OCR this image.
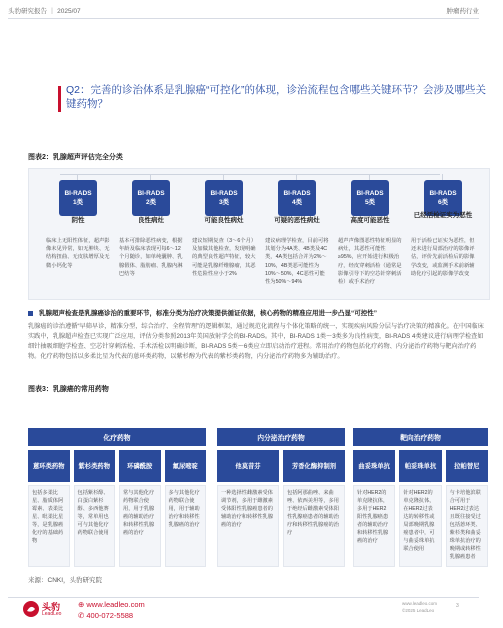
头豹研究报告 ｜ 2025/07	肿瘤药行业
Q2：完善的诊治体系是乳腺癌“可控化”的体现，诊治流程包含哪些关键环节？会涉及哪些关键药物？
图表2：乳腺超声评估完全分类
BI-RADS
1类
阴性
临床上无阳性体征，超声影像未见异常，如无肿块、无结构扭曲、无皮肤增厚及无微小钙化等
BI-RADS
2类
良性病灶
基本可排除恶性病变，根据年龄及临床表现可每6～12个月随诊，如单纯囊肿、乳腺假体、脂肪瘤、乳腺内淋巴结等
BI-RADS
3类
可能良性病灶
建议短期复查（3～6个月）及加做其他检查，发现明确的典型良性超声特征，较大可能是乳腺纤维腺瘤，其恶性危险性应小于2%
BI-RADS
4类
可疑的恶性病灶
建议病理学检查，目前可将其划分为4A类、4B类及4C类，4A类包括合并为2%～10%，4B类恶可能性为10%～50%，4C恶性可能性为50%～94%
BI-RADS
5类
高度可能恶性
超声声像图恶性特征明显的病灶，其恶性可能性≥95%，应开始进行积极治疗，经皮穿刺活检（通常是影像引导下的空芯针穿刺活检）或手术治疗
BI-RADS
6类
已经活检证实为恶性
用于活检已证实为恶性，但还未进行局部治疗的影像评估，评价先前活检后的影像学改变，或监测手术前新辅助化疗引起的影像学改变
乳腺超声检查是乳腺癌诊治的重要环节，标准分类为治疗决策提供循证依据，核心药物的精准应用进一步凸显“可控性”
乳腺癌的诊治遵循“早筛早诊，精准分型，综合治疗、全程管理”的逻辑框架，通过规范化流程与个体化策略的统一，实现疾病风险分层与治疗决策的精准化。在中国临床实践中，乳腺超声检查已实现广泛应用，评估分类参照2013年美国放射学会的BI-RADS。其中，BI-RADS 1类～3类多为良性病变，BI-RADS 4类建议进行病理学检查如细针抽吸细胞学检查、空芯针穿刺活检、手术活检以明确诊断，BI-RADS 5类～6类应立即启动治疗进程。常用治疗药物包括化疗药物、内分泌治疗药物与靶向治疗药物。化疗药物包括以多柔比星为代表的蒽环类药物，以紫杉醇为代表的紫杉类药物，内分泌治疗药物多为辅助治疗。
图表3：乳腺癌的常用药物
化疗药物
蒽环类药物
包括多柔比星、脂质体阿霉素、表柔比星、吡柔比星等，是乳腺癌化疗的基础药物
紫杉类药物
包括紫杉醇、白蛋白紫杉醇、多西他赛等，常单用也可与其他化疗药物联合使用
环磷酰胺
常与其他化疗药物联合使用，用于乳腺癌的辅助治疗和转移性乳腺癌的治疗
氟尿嘧啶
多与其他化疗药物联合使用，用于辅助治疗和转移性乳腺癌的治疗
内分泌治疗药物
他莫昔芬
一种选择性雌激素受体调节剂，多用于雌激素受体阳性乳腺癌患者的辅助治疗和转移性乳腺癌的治疗
芳香化酶抑制剂
包括阿那曲唑、来曲唑、依西美坦等，多用于绝经后雌激素受体阳性乳腺癌患者的辅助治疗和转移性乳腺癌的治疗
靶向治疗药物
曲妥珠单抗
针对HER2的单克隆抗体，多用于HER2阳性乳腺癌患者的辅助治疗和转移性乳腺癌的治疗
帕妥珠单抗
针对HER2的单克隆抗体，在HER2过表达的转移性或局部晚期乳腺癌患者中，可与曲妥珠单抗联合使用
拉帕替尼
与卡培他滨联合可用于HER2过表达且既往接受过包括蒽环类、紫杉类和曲妥珠单抗治疗的晚期或转移性乳腺癌患者
来源：CNKI，头豹研究院
头豹
LeadLeo
⊕ www.leadleo.com
✆ 400-072-5588
www.leadleo.com
©2025 LeadLeo
3
